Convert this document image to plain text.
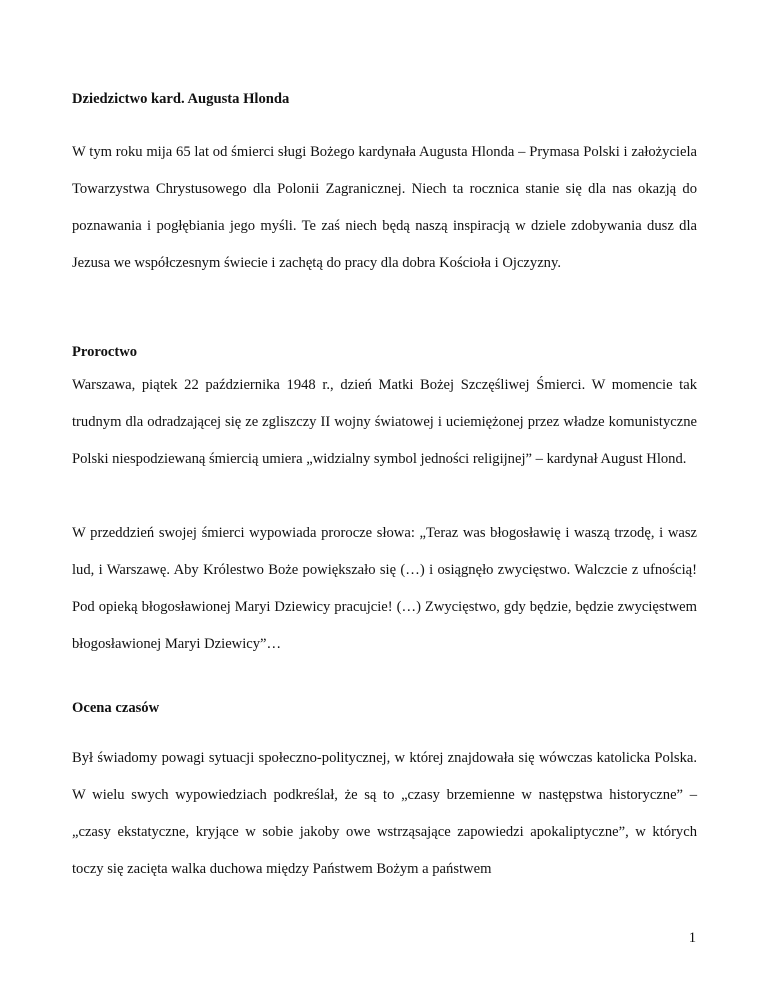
Dziedzictwo kard. Augusta Hlonda

W tym roku mija 65 lat od śmierci sługi Bożego kardynała Augusta Hlonda – Prymasa Polski i założyciela Towarzystwa Chrystusowego dla Polonii Zagranicznej. Niech ta rocznica stanie się dla nas okazją do poznawania i pogłębiania jego myśli. Te zaś niech będą naszą inspiracją w dziele zdobywania dusz dla Jezusa we współczesnym świecie i zachętą do pracy dla dobra Kościoła i Ojczyzny.

Proroctwo

Warszawa, piątek 22 października 1948 r., dzień Matki Bożej Szczęśliwej Śmierci. W momencie tak trudnym dla odradzającej się ze zgliszczy II wojny światowej i uciemiężonej przez władze komunistyczne Polski niespodziewaną śmiercią umiera „widzialny symbol jedności religijnej” – kardynał August Hlond.

W przeddzień swojej śmierci wypowiada prorocze słowa: „Teraz was błogosławię i waszą trzodę, i wasz lud, i Warszawę. Aby Królestwo Boże powiększało się (…) i osiągnęło zwycięstwo. Walczcie z ufnością! Pod opieką błogosławionej Maryi Dziewicy pracujcie! (…) Zwycięstwo, gdy będzie, będzie zwycięstwem błogosławionej Maryi Dziewicy”…

Ocena czasów

Był świadomy powagi sytuacji społeczno-politycznej, w której znajdowała się wówczas katolicka Polska. W wielu swych wypowiedziach podkreślał, że są to „czasy brzemienne w następstwa historyczne” – „czasy ekstatyczne, kryjące w sobie jakoby owe wstrząsające zapowiedzi apokaliptyczne”, w których toczy się zacięta walka duchowa między Państwem Bożym a państwem

1
